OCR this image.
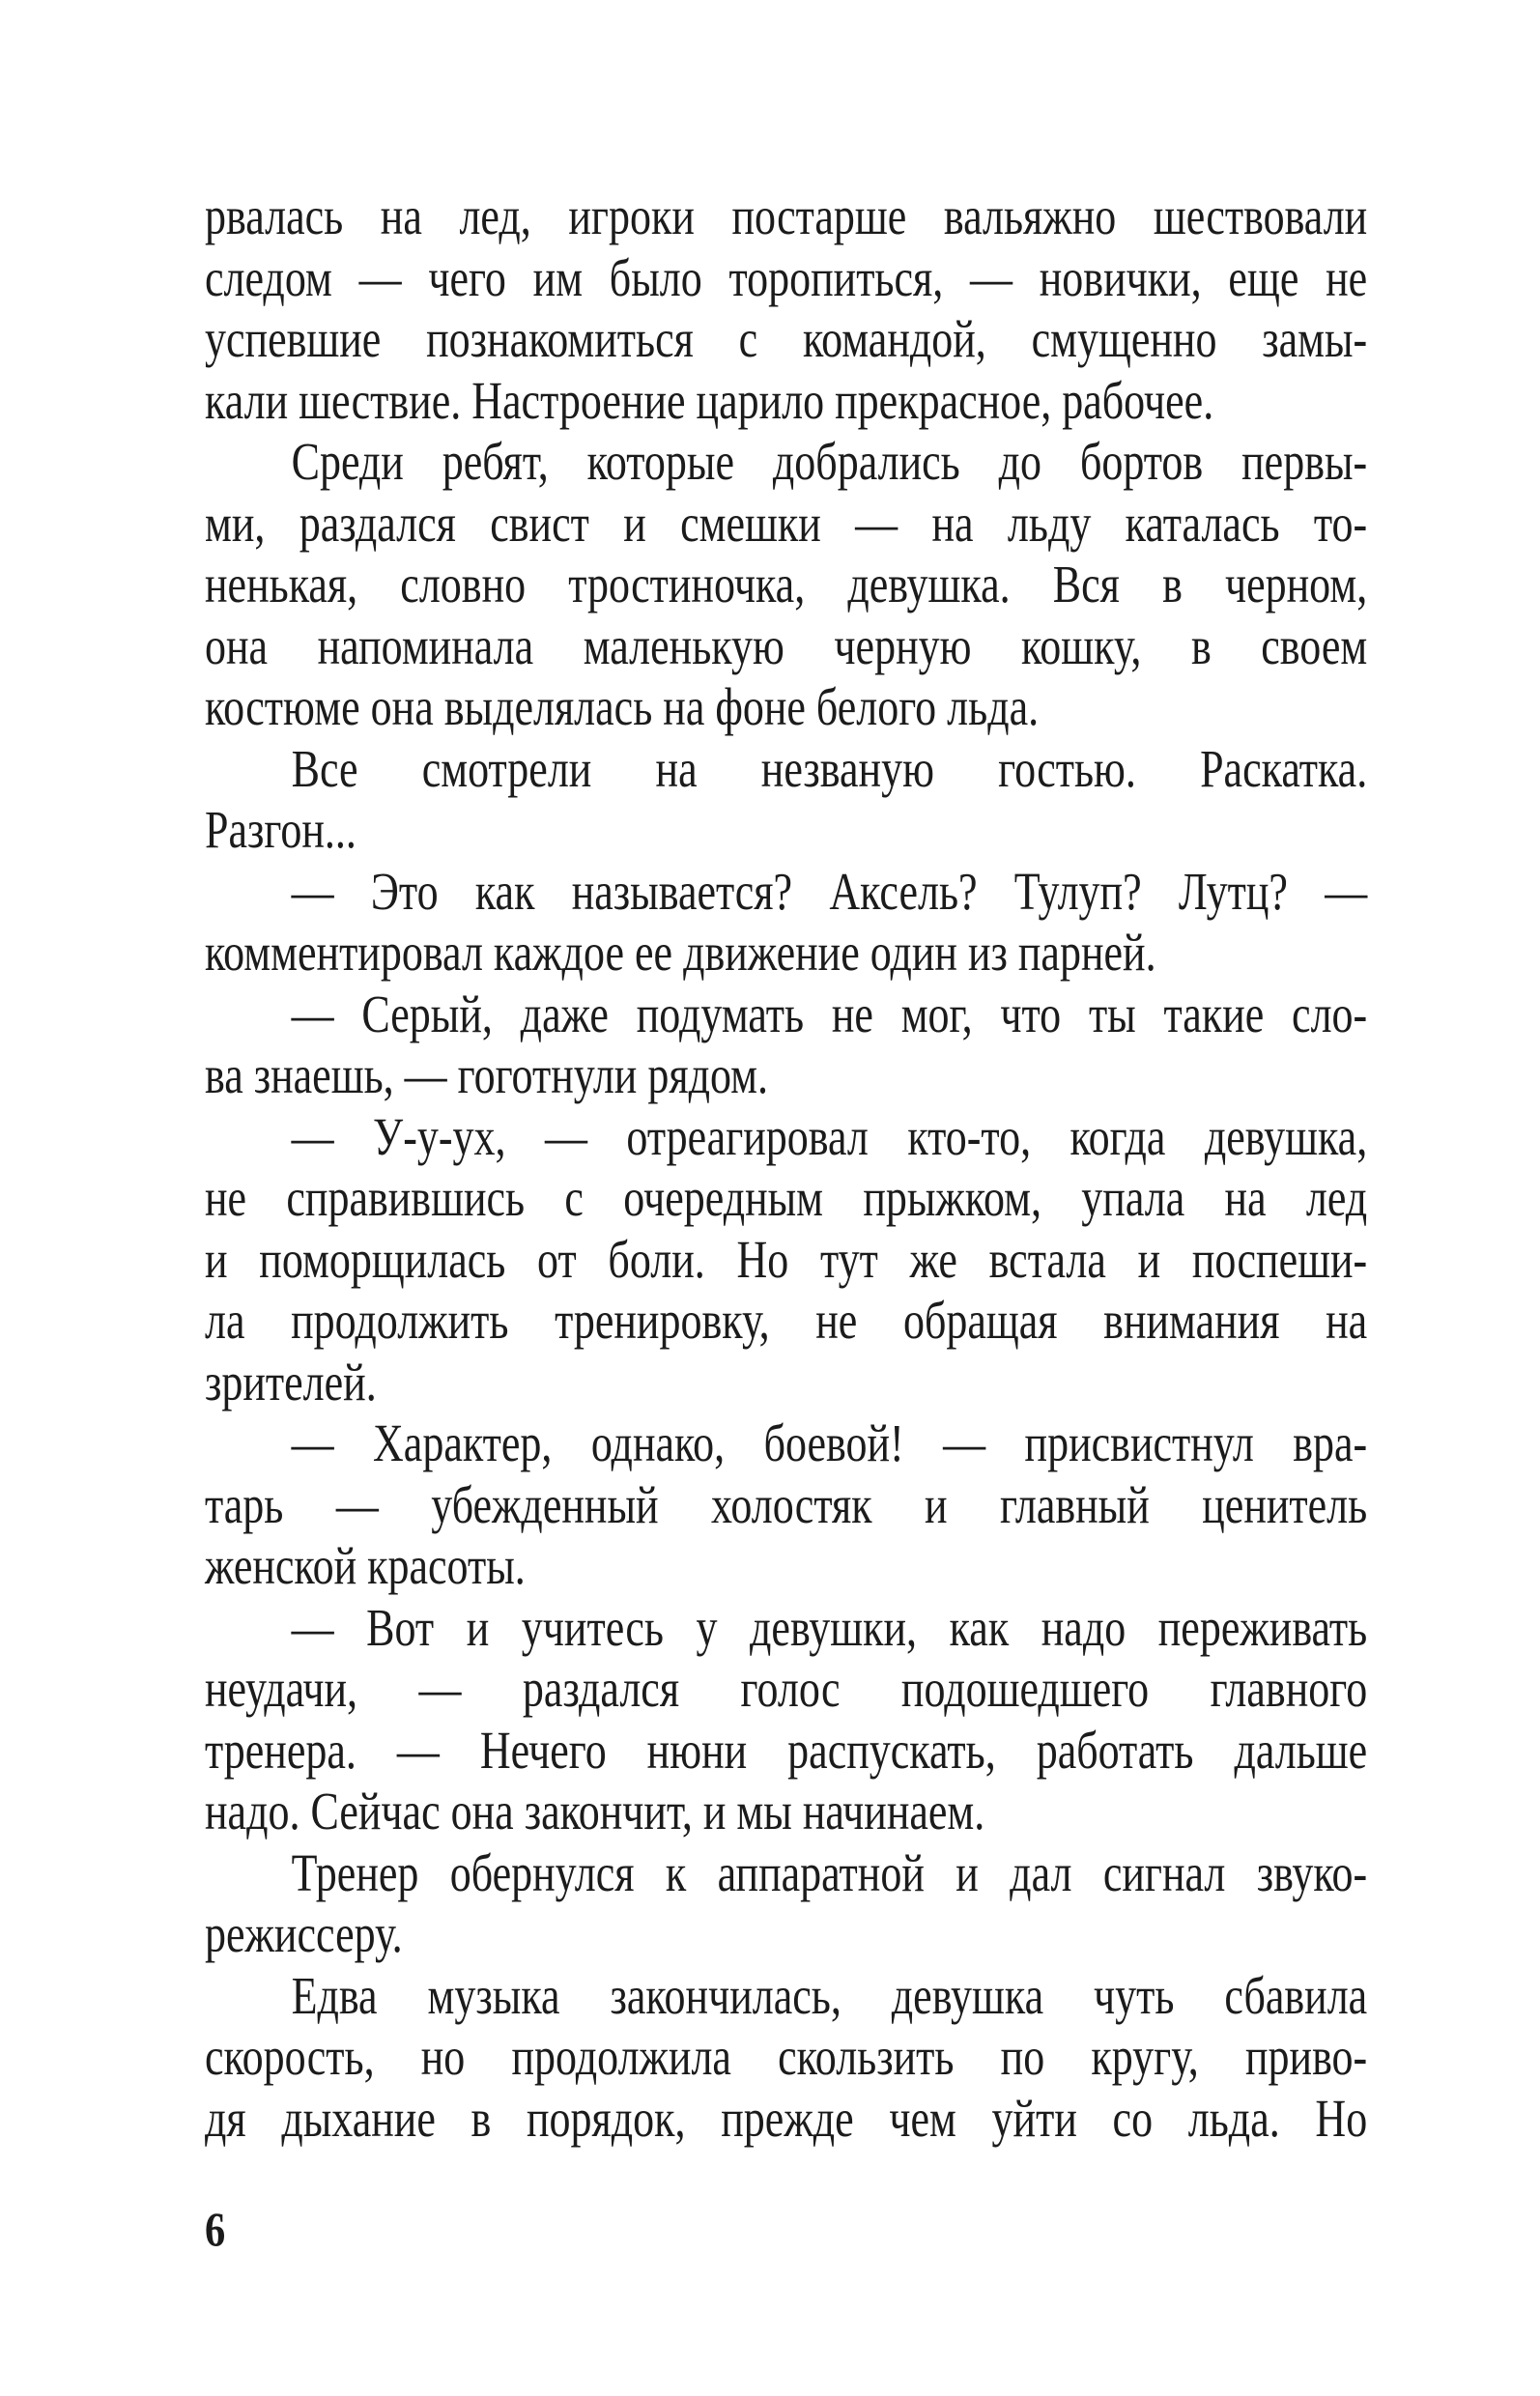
рвалась на лед, игроки постарше вальяжно шествовали
следом — чего им было торопиться, — новички, еще не
успевшие познакомиться с командой, смущенно замы-
кали шествие. Настроение царило прекрасное, рабочее.
Среди ребят, которые добрались до бортов первы-
ми, раздался свист и смешки — на льду каталась то-
ненькая, словно тростиночка, девушка. Вся в черном,
она напоминала маленькую черную кошку, в своем
костюме она выделялась на фоне белого льда.
Все смотрели на незваную гостью. Раскатка.
Разгон...
— Это как называется? Аксель? Тулуп? Лутц? —
комментировал каждое ее движение один из парней.
— Серый, даже подумать не мог, что ты такие сло-
ва знаешь, — гоготнули рядом.
— У-у-ух, — отреагировал кто-то, когда девушка,
не справившись с очередным прыжком, упала на лед
и поморщилась от боли. Но тут же встала и поспеши-
ла продолжить тренировку, не обращая внимания на
зрителей.
— Характер, однако, боевой! — присвистнул вра-
тарь — убежденный холостяк и главный ценитель
женской красоты.
— Вот и учитесь у девушки, как надо переживать
неудачи, — раздался голос подошедшего главного
тренера. — Нечего нюни распускать, работать дальше
надо. Сейчас она закончит, и мы начинаем.
Тренер обернулся к аппаратной и дал сигнал звуко-
режиссеру.
Едва музыка закончилась, девушка чуть сбавила
скорость, но продолжила скользить по кругу, приво-
дя дыхание в порядок, прежде чем уйти со льда. Но
6
